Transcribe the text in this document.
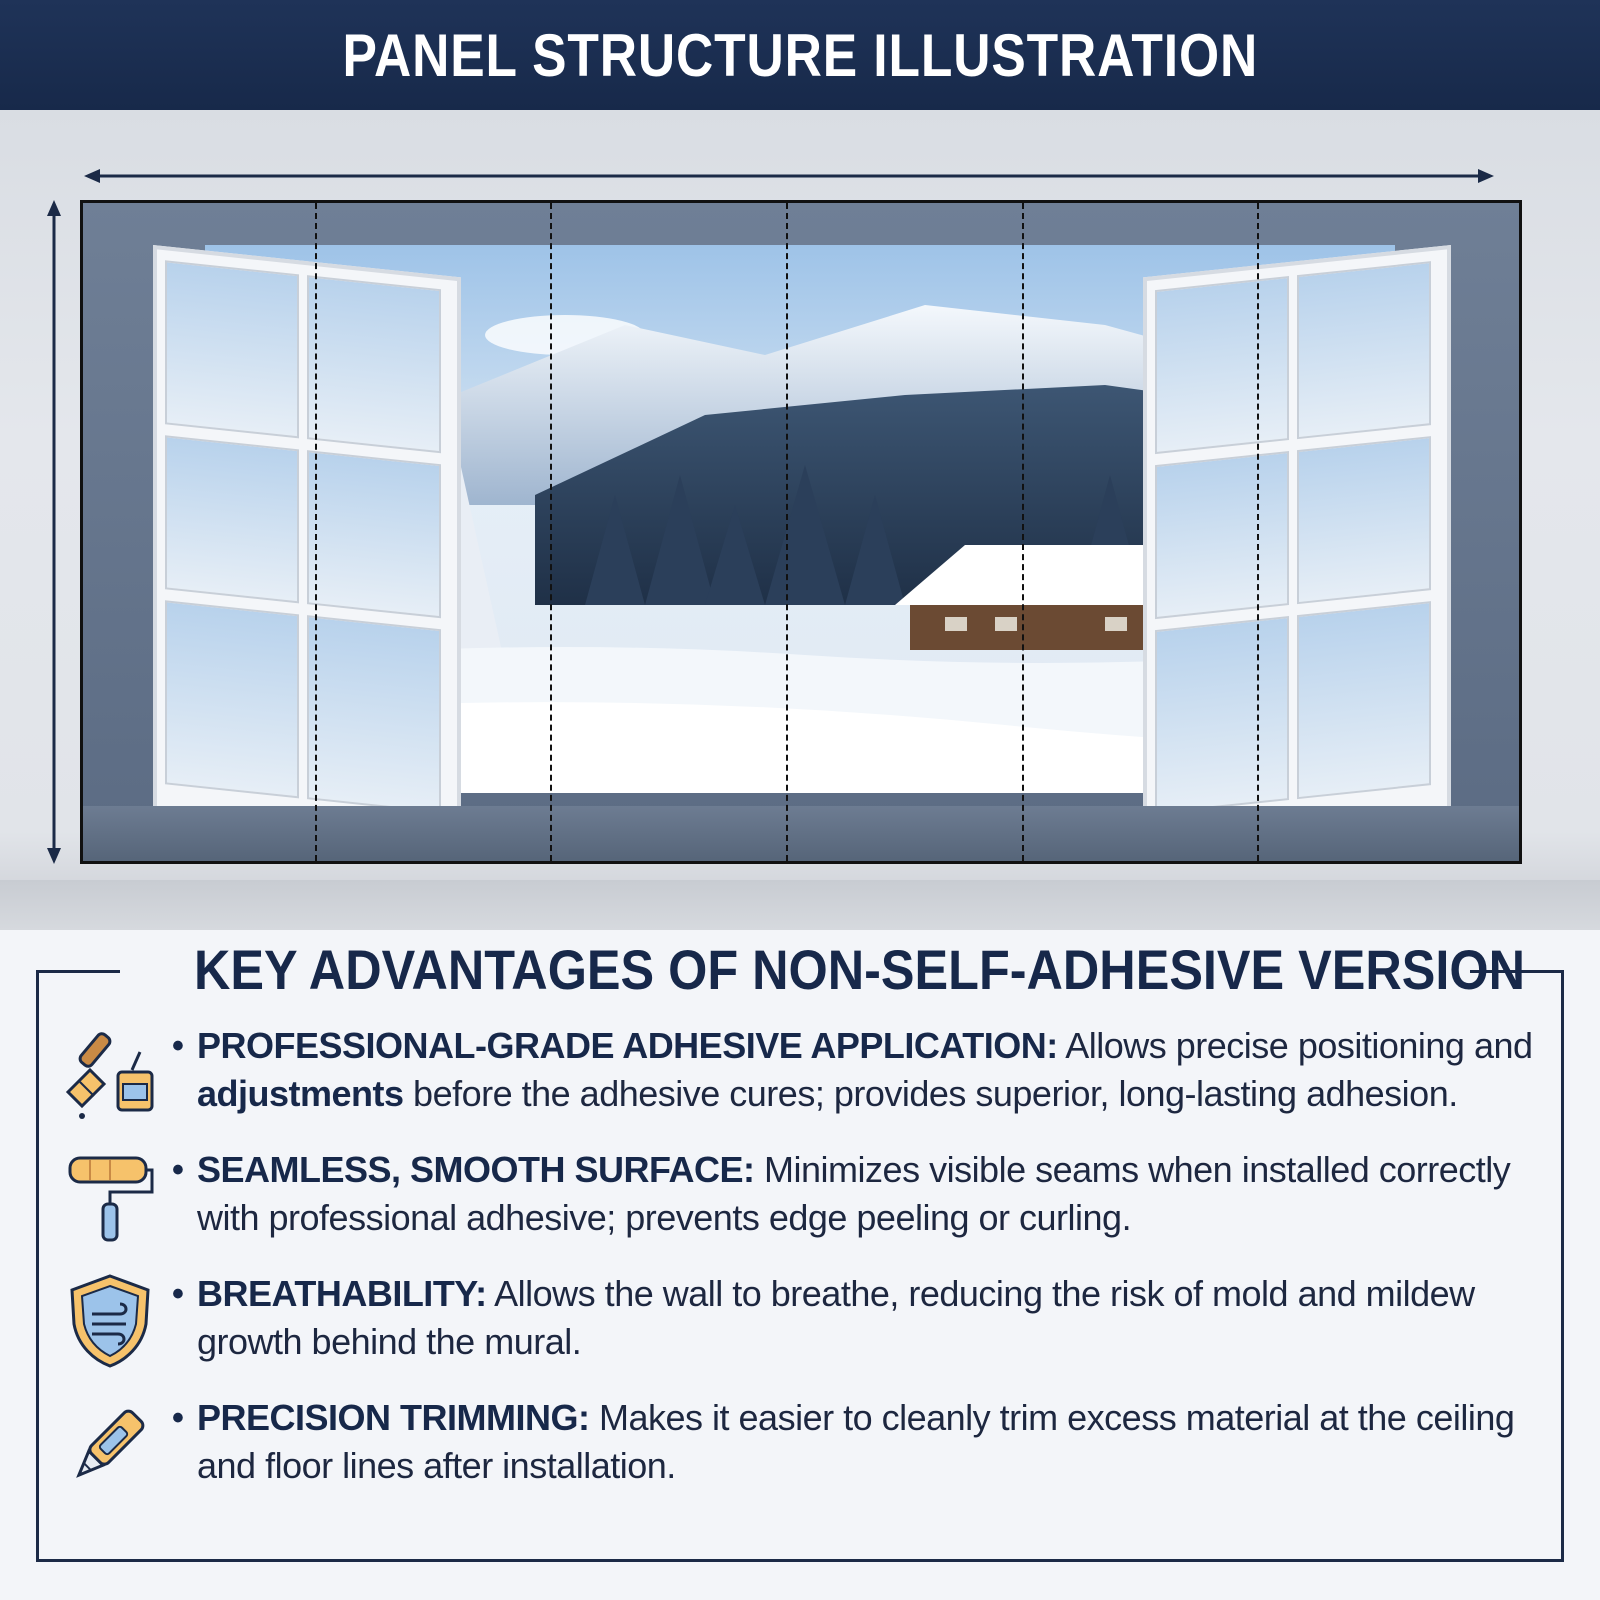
PANEL STRUCTURE ILLUSTRATION
KEY ADVANTAGES OF NON-SELF-ADHESIVE VERSION
• PROFESSIONAL-GRADE ADHESIVE APPLICATION: Allows precise positioning and adjustments before the adhesive cures; provides superior, long-lasting adhesion.
• SEAMLESS, SMOOTH SURFACE: Minimizes visible seams when installed correctly with professional adhesive; prevents edge peeling or curling.
• BREATHABILITY: Allows the wall to breathe, reducing the risk of mold and mildew growth behind the mural.
• PRECISION TRIMMING: Makes it easier to cleanly trim excess material at the ceiling and floor lines after installation.
